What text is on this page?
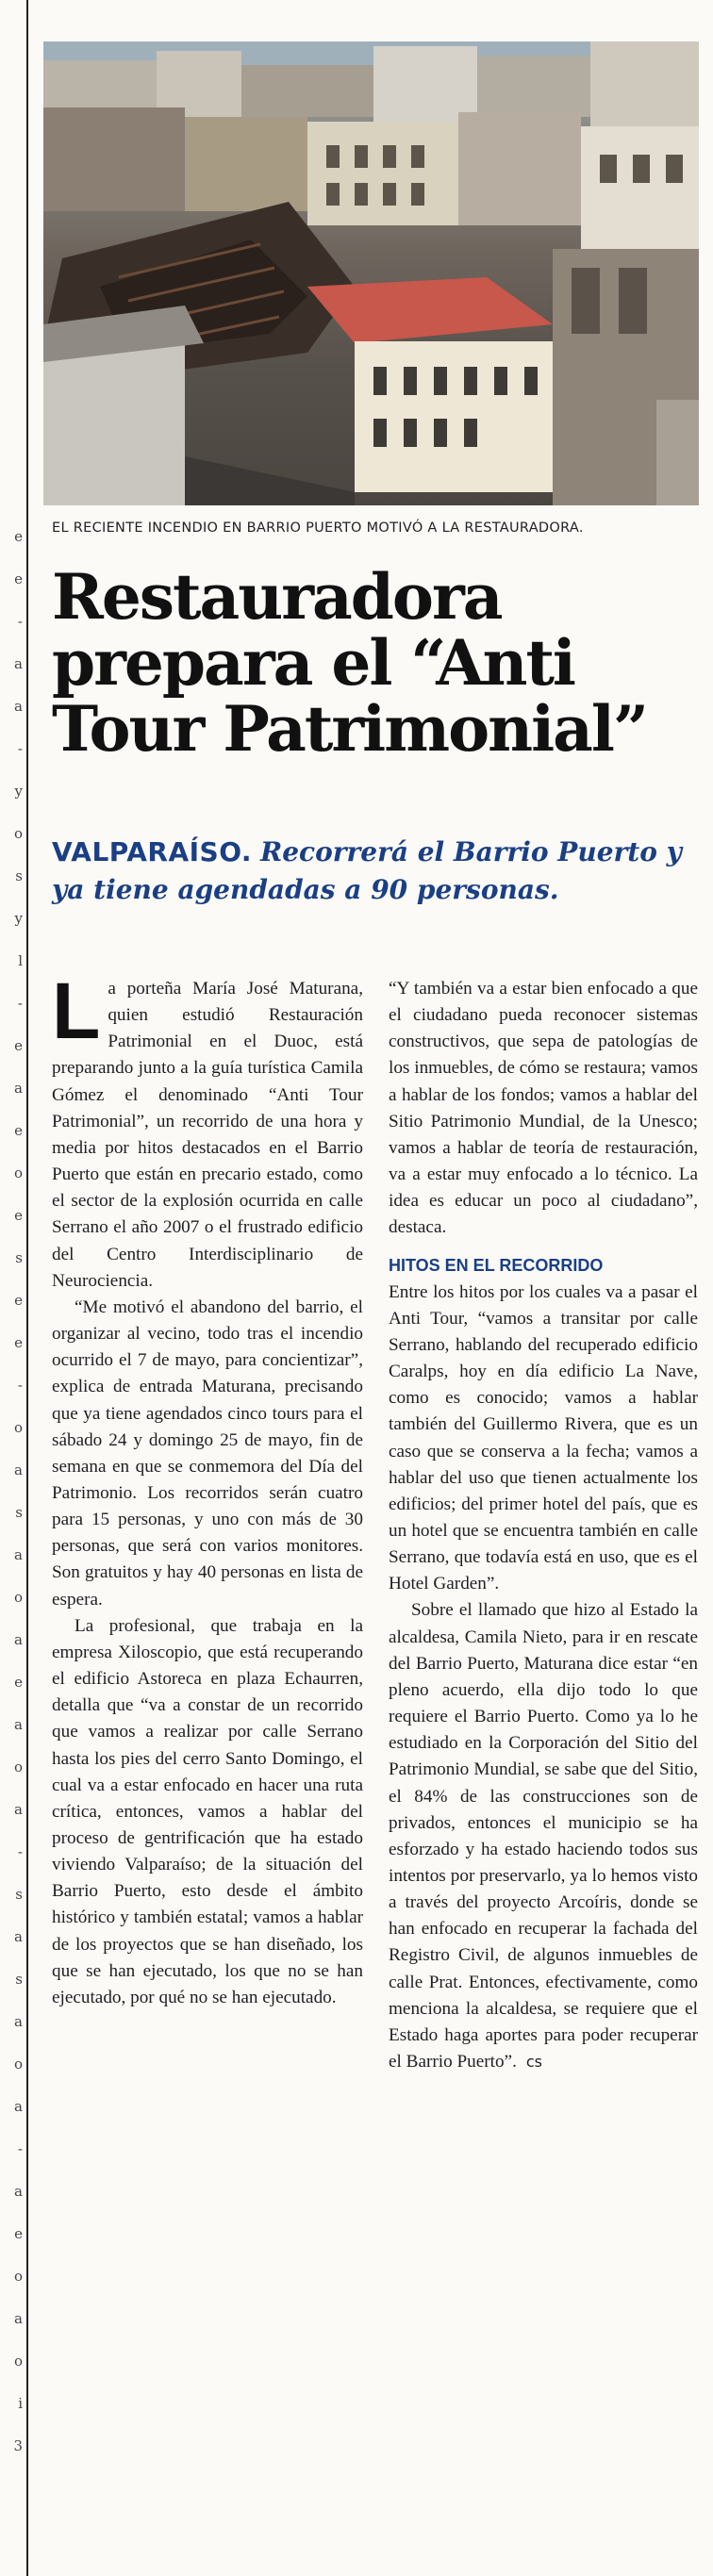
e
e
-
a
a
-
y
o
s
y
l
-
e
a
e
o
e
s
e
e
-
o
a
s
a
o
a
e
a
o
a
-
s
a
s
a
o
a
-
a
e
o
a
o
i
3
EL RECIENTE INCENDIO EN BARRIO PUERTO MOTIVÓ A LA RESTAURADORA.
Restauradora prepara el “Anti Tour Patrimonial”
VALPARAÍSO. Recorrerá el Barrio Puerto y ya tiene agendadas a 90 personas.

La porteña María José Maturana, quien estudió Restauración Patrimonial en el Duoc, está preparando junto a la guía turística Camila Gómez el denominado “Anti Tour Patrimonial”, un recorrido de una hora y media por hitos destacados en el Barrio Puerto que están en precario estado, como el sector de la explosión ocurrida en calle Serrano el año 2007 o el frustrado edificio del Centro Interdisciplinario de Neurociencia.

“Me motivó el abandono del barrio, el organizar al vecino, todo tras el incendio ocurrido el 7 de mayo, para concientizar”, explica de entrada Maturana, precisando que ya tiene agendados cinco tours para el sábado 24 y domingo 25 de mayo, fin de semana en que se conmemora del Día del Patrimonio. Los recorridos serán cuatro para 15 personas, y uno con más de 30 personas, que será con varios monitores. Son gratuitos y hay 40 personas en lista de espera.

La profesional, que trabaja en la empresa Xiloscopio, que está recuperando el edificio Astoreca en plaza Echaurren, detalla que “va a constar de un recorrido que vamos a realizar por calle Serrano hasta los pies del cerro Santo Domingo, el cual va a estar enfocado en hacer una ruta crítica, entonces, vamos a hablar del proceso de gentrificación que ha estado viviendo Valparaíso; de la situación del Barrio Puerto, esto desde el ámbito histórico y también estatal; vamos a hablar de los proyectos que se han diseñado, los que se han ejecutado, los que no se han ejecutado, por qué no se han ejecutado.

“Y también va a estar bien enfocado a que el ciudadano pueda reconocer sistemas constructivos, que sepa de patologías de los inmuebles, de cómo se restaura; vamos a hablar de los fondos; vamos a hablar del Sitio Patrimonio Mundial, de la Unesco; vamos a hablar de teoría de restauración, va a estar muy enfocado a lo técnico. La idea es educar un poco al ciudadano”, destaca.

HITOS EN EL RECORRIDO

Entre los hitos por los cuales va a pasar el Anti Tour, “vamos a transitar por calle Serrano, hablando del recuperado edificio Caralps, hoy en día edificio La Nave, como es conocido; vamos a hablar también del Guillermo Rivera, que es un caso que se conserva a la fecha; vamos a hablar del uso que tienen actualmente los edificios; del primer hotel del país, que es un hotel que se encuentra también en calle Serrano, que todavía está en uso, que es el Hotel Garden”.

Sobre el llamado que hizo al Estado la alcaldesa, Camila Nieto, para ir en rescate del Barrio Puerto, Maturana dice estar “en pleno acuerdo, ella dijo todo lo que requiere el Barrio Puerto. Como ya lo he estudiado en la Corporación del Sitio del Patrimonio Mundial, se sabe que del Sitio, el 84% de las construcciones son de privados, entonces el municipio se ha esforzado y ha estado haciendo todos sus intentos por preservarlo, ya lo hemos visto a través del proyecto Arcoíris, donde se han enfocado en recuperar la fachada del Registro Civil, de algunos inmuebles de calle Prat. Entonces, efectivamente, como menciona la alcaldesa, se requiere que el Estado haga aportes para poder recuperar el Barrio Puerto”. cs
